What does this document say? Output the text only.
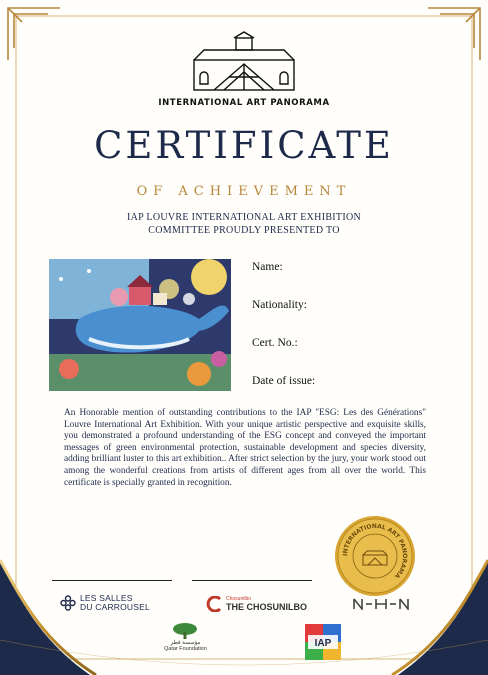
INTERNATIONAL ART PANORAMA
CERTIFICATE
OF ACHIEVEMENT
IAP LOUVRE INTERNATIONAL ART EXHIBITION
COMMITTEE PROUDLY PRESENTED TO
Name:
Nationality:
Cert. No.:
Date of issue:
An Honorable mention of outstanding contributions to the IAP "ESG: Les des Générations" Louvre International Art Exhibition. With your unique artistic perspective and exquisite skills, you demonstrated a profound understanding of the ESG concept and conveyed the important messages of green environmental protection, sustainable development and species diversity, adding brilliant luster to this art exhibition.. After strict selection by the jury, your work stood out among the wonderful creations from artists of different ages from all over the world. This certificate is specially granted in recognition.
INTERNATIONAL ART PANORAMA
LES SALLES
DU CARROUSEL
Chosunilbo
THE CHOSUNILBO
مؤسسة قطر
Qatar Foundation	IAP
